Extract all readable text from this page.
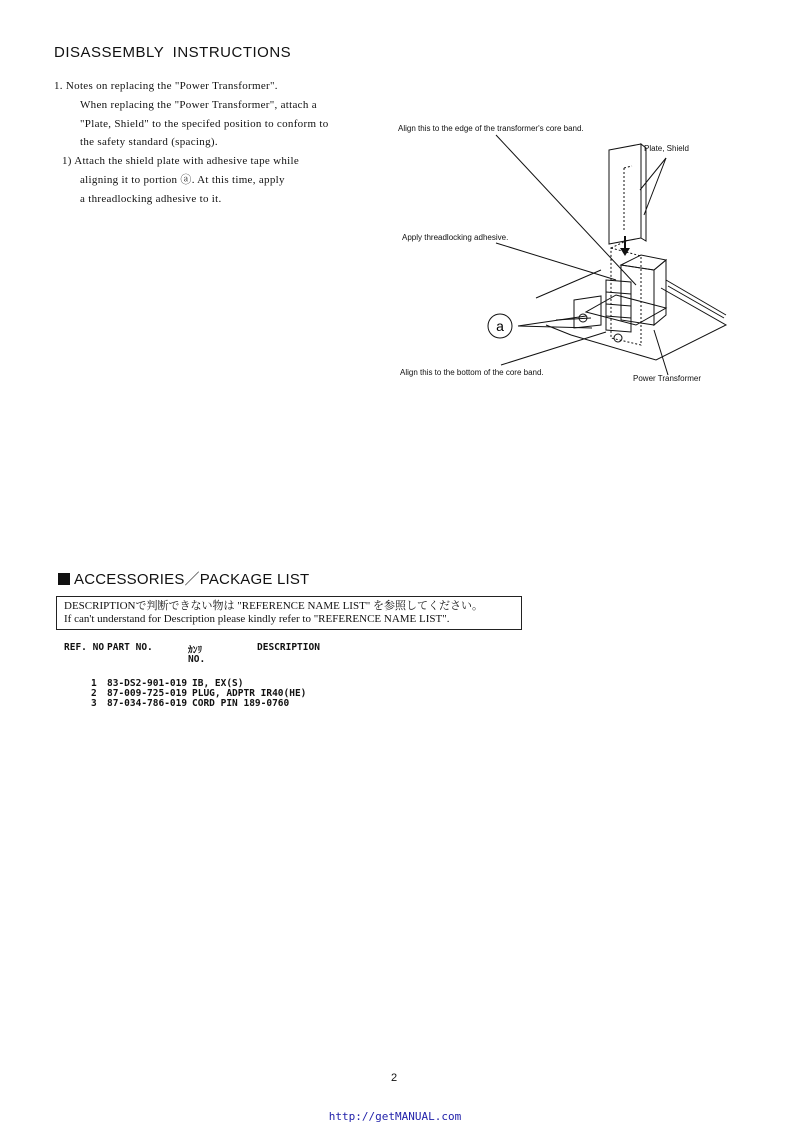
DISASSEMBLY INSTRUCTIONS

1. Notes on replacing the "Power Transformer".

When replacing the "Power Transformer", attach a

"Plate, Shield" to the specifed position to conform to

the safety standard (spacing).

1) Attach the shield plate with adhesive tape while

aligning it to portion ⓐ. At this time, apply

a threadlocking adhesive to it.

a
Align this to the edge of the transformer's core band.
Plate, Shield
Apply threadlocking adhesive.
Align this to the bottom of the core band.
Power Transformer
ACCESSORIES／PACKAGE LIST
DESCRIPTIONで判断できない物は "REFERENCE NAME LIST" を参照してください。
If can't understand for Description please kindly refer to "REFERENCE NAME LIST".
REF. NO PART NO.	ｶﾝﾘ
NO.
DESCRIPTION
1 83-DS2-901-019 IB, EX(S)
2 87-009-725-019 PLUG, ADPTR IR40(HE)
3 87-034-786-019 CORD PIN 189-0760
2
http://getMANUAL.com
